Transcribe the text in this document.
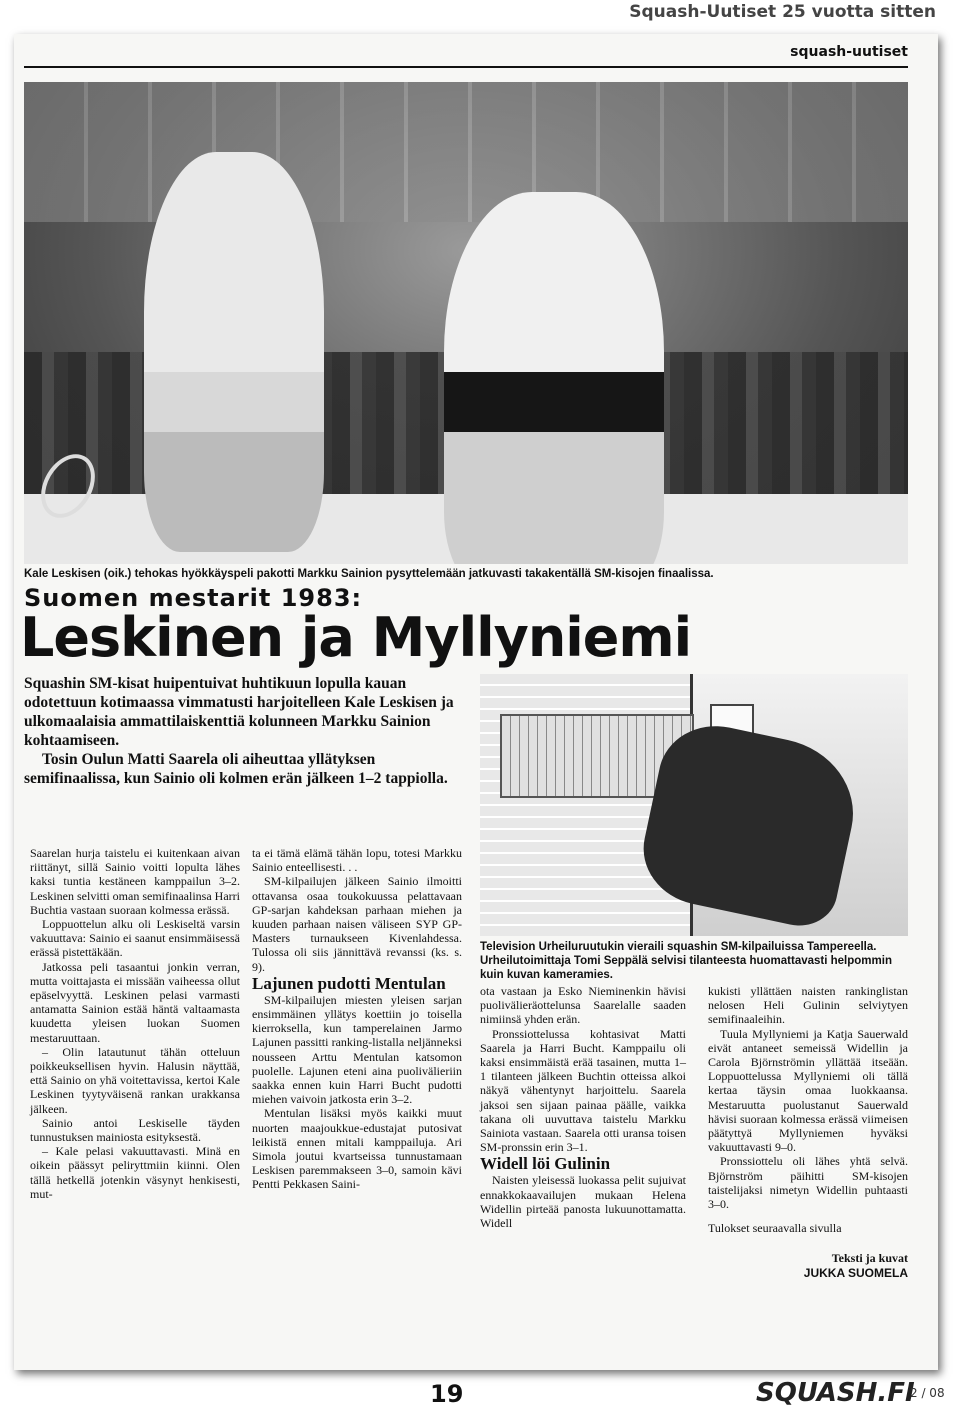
Squash-Uutiset 25 vuotta sitten
squash-uutiset
Kale Leskisen (oik.) tehokas hyökkäyspeli pakotti Markku Sainion pysyttelemään jatkuvasti takakentällä SM-kisojen finaalissa.
Suomen mestarit 1983:
Leskinen ja Myllyniemi

Squashin SM-kisat huipentuivat huhtikuun lopulla kauan odotettuun kotimaassa vimmatusti harjoitelleen Kale Leskisen ja ulkomaalaisia ammattilaiskenttiä kolunneen Markku Sainion kohtaamiseen.

Tosin Oulun Matti Saarela oli aiheuttaa yllätyksen semifinaalissa, kun Sainio oli kolmen erän jälkeen 1–2 tappiolla.

Television Urheiluruutukin vieraili squashin SM-kilpailuissa Tampereella. Urheilutoimittaja Tomi Seppälä selvisi tilanteesta huomattavasti helpommin kuin kuvan kameramies.

Saarelan hurja taistelu ei kuitenkaan aivan riittänyt, sillä Sainio voitti lopulta lähes kaksi tuntia kestäneen kamppailun 3–2. Leskinen selvitti oman semifinaalinsa Harri Buchtia vastaan suoraan kolmessa erässä.

Loppuottelun alku oli Leskiseltä varsin vakuuttava: Sainio ei saanut ensimmäisessä erässä pistettäkään.

Jatkossa peli tasaantui jonkin verran, mutta voittajasta ei missään vaiheessa ollut epäselvyyttä. Leskinen pelasi varmasti antamatta Sainion estää häntä valtaamasta kuudetta yleisen luokan Suomen mestaruuttaan.

– Olin latautunut tähän otteluun poikkeuksellisen hyvin. Halusin näyttää, että Sainio on yhä voitettavissa, kertoi Kale Leskinen tyytyväisenä rankan urakkansa jälkeen.

Sainio antoi Leskiselle täyden tunnustuksen mainiosta esityksestä.

– Kale pelasi vakuuttavasti. Minä en oikein päässyt peliryttmiin kiinni. Olen tällä hetkellä jotenkin väsynyt henkisesti, mut-

ta ei tämä elämä tähän lopu, totesi Markku Sainio enteellisesti. . .

SM-kilpailujen jälkeen Sainio ilmoitti ottavansa osaa toukokuussa pelattavaan GP-sarjan kahdeksan parhaan miehen ja kuuden parhaan naisen väliseen SYP GP-Masters turnaukseen Kivenlahdessa. Tulossa oli siis jännittävä revanssi (ks. s. 9).

Lajunen pudotti Mentulan

SM-kilpailujen miesten yleisen sarjan ensimmäinen yllätys koettiin jo toisella kierroksella, kun tamperelainen Jarmo Lajunen passitti ranking-listalla neljänneksi nousseen Arttu Mentulan katsomon puolelle. Lajunen eteni aina puolivälieriin saakka ennen kuin Harri Bucht pudotti miehen vaivoin jatkosta erin 3–2.

Mentulan lisäksi myös kaikki muut nuorten maajoukkue-edustajat putosivat leikistä ennen mitali kamppailuja. Ari Simola joutui kvartseissa tunnustamaan Leskisen paremmakseen 3–0, samoin kävi Pentti Pekkasen Saini-

ota vastaan ja Esko Nieminenkin hävisi puolivälieräottelunsa Saarelalle saaden nimiinsä yhden erän.

Pronssiottelussa kohtasivat Matti Saarela ja Harri Bucht. Kamppailu oli kaksi ensimmäistä erää tasainen, mutta 1–1 tilanteen jälkeen Buchtin otteissa alkoi näkyä vähentynyt harjoittelu. Saarela jaksoi sen sijaan painaa päälle, vaikka takana oli uuvuttava taistelu Markku Sainiota vastaan. Saarela otti uransa toisen SM-pronssin erin 3–1.

Widell löi Gulinin

Naisten yleisessä luokassa pelit sujuivat ennakkokaavailujen mukaan Helena Widellin pirteää panosta lukuunottamatta. Widell

kukisti yllättäen naisten rankinglistan nelosen Heli Gulinin selviytyen semifinaaleihin.

Tuula Myllyniemi ja Katja Sauerwald eivät antaneet semeissä Widellin ja Carola Björnströmin yllättää itseään. Loppuottelussa Myllyniemi oli tällä kertaa täysin omaa luokkaansa. Mestaruutta puolustanut Sauerwald hävisi suoraan kolmessa erässä viimeisen päätyttyä Myllyniemen hyväksi vakuuttavasti 9–0.

Pronssiottelu oli lähes yhtä selvä. Björnström päihitti SM-kisojen taistelijaksi nimetyn Widellin puhtaasti 3–0.

Tulokset seuraavalla sivulla

Teksti ja kuvat

JUKKA SUOMELA

19	SQUASH.FI
2 / 08
